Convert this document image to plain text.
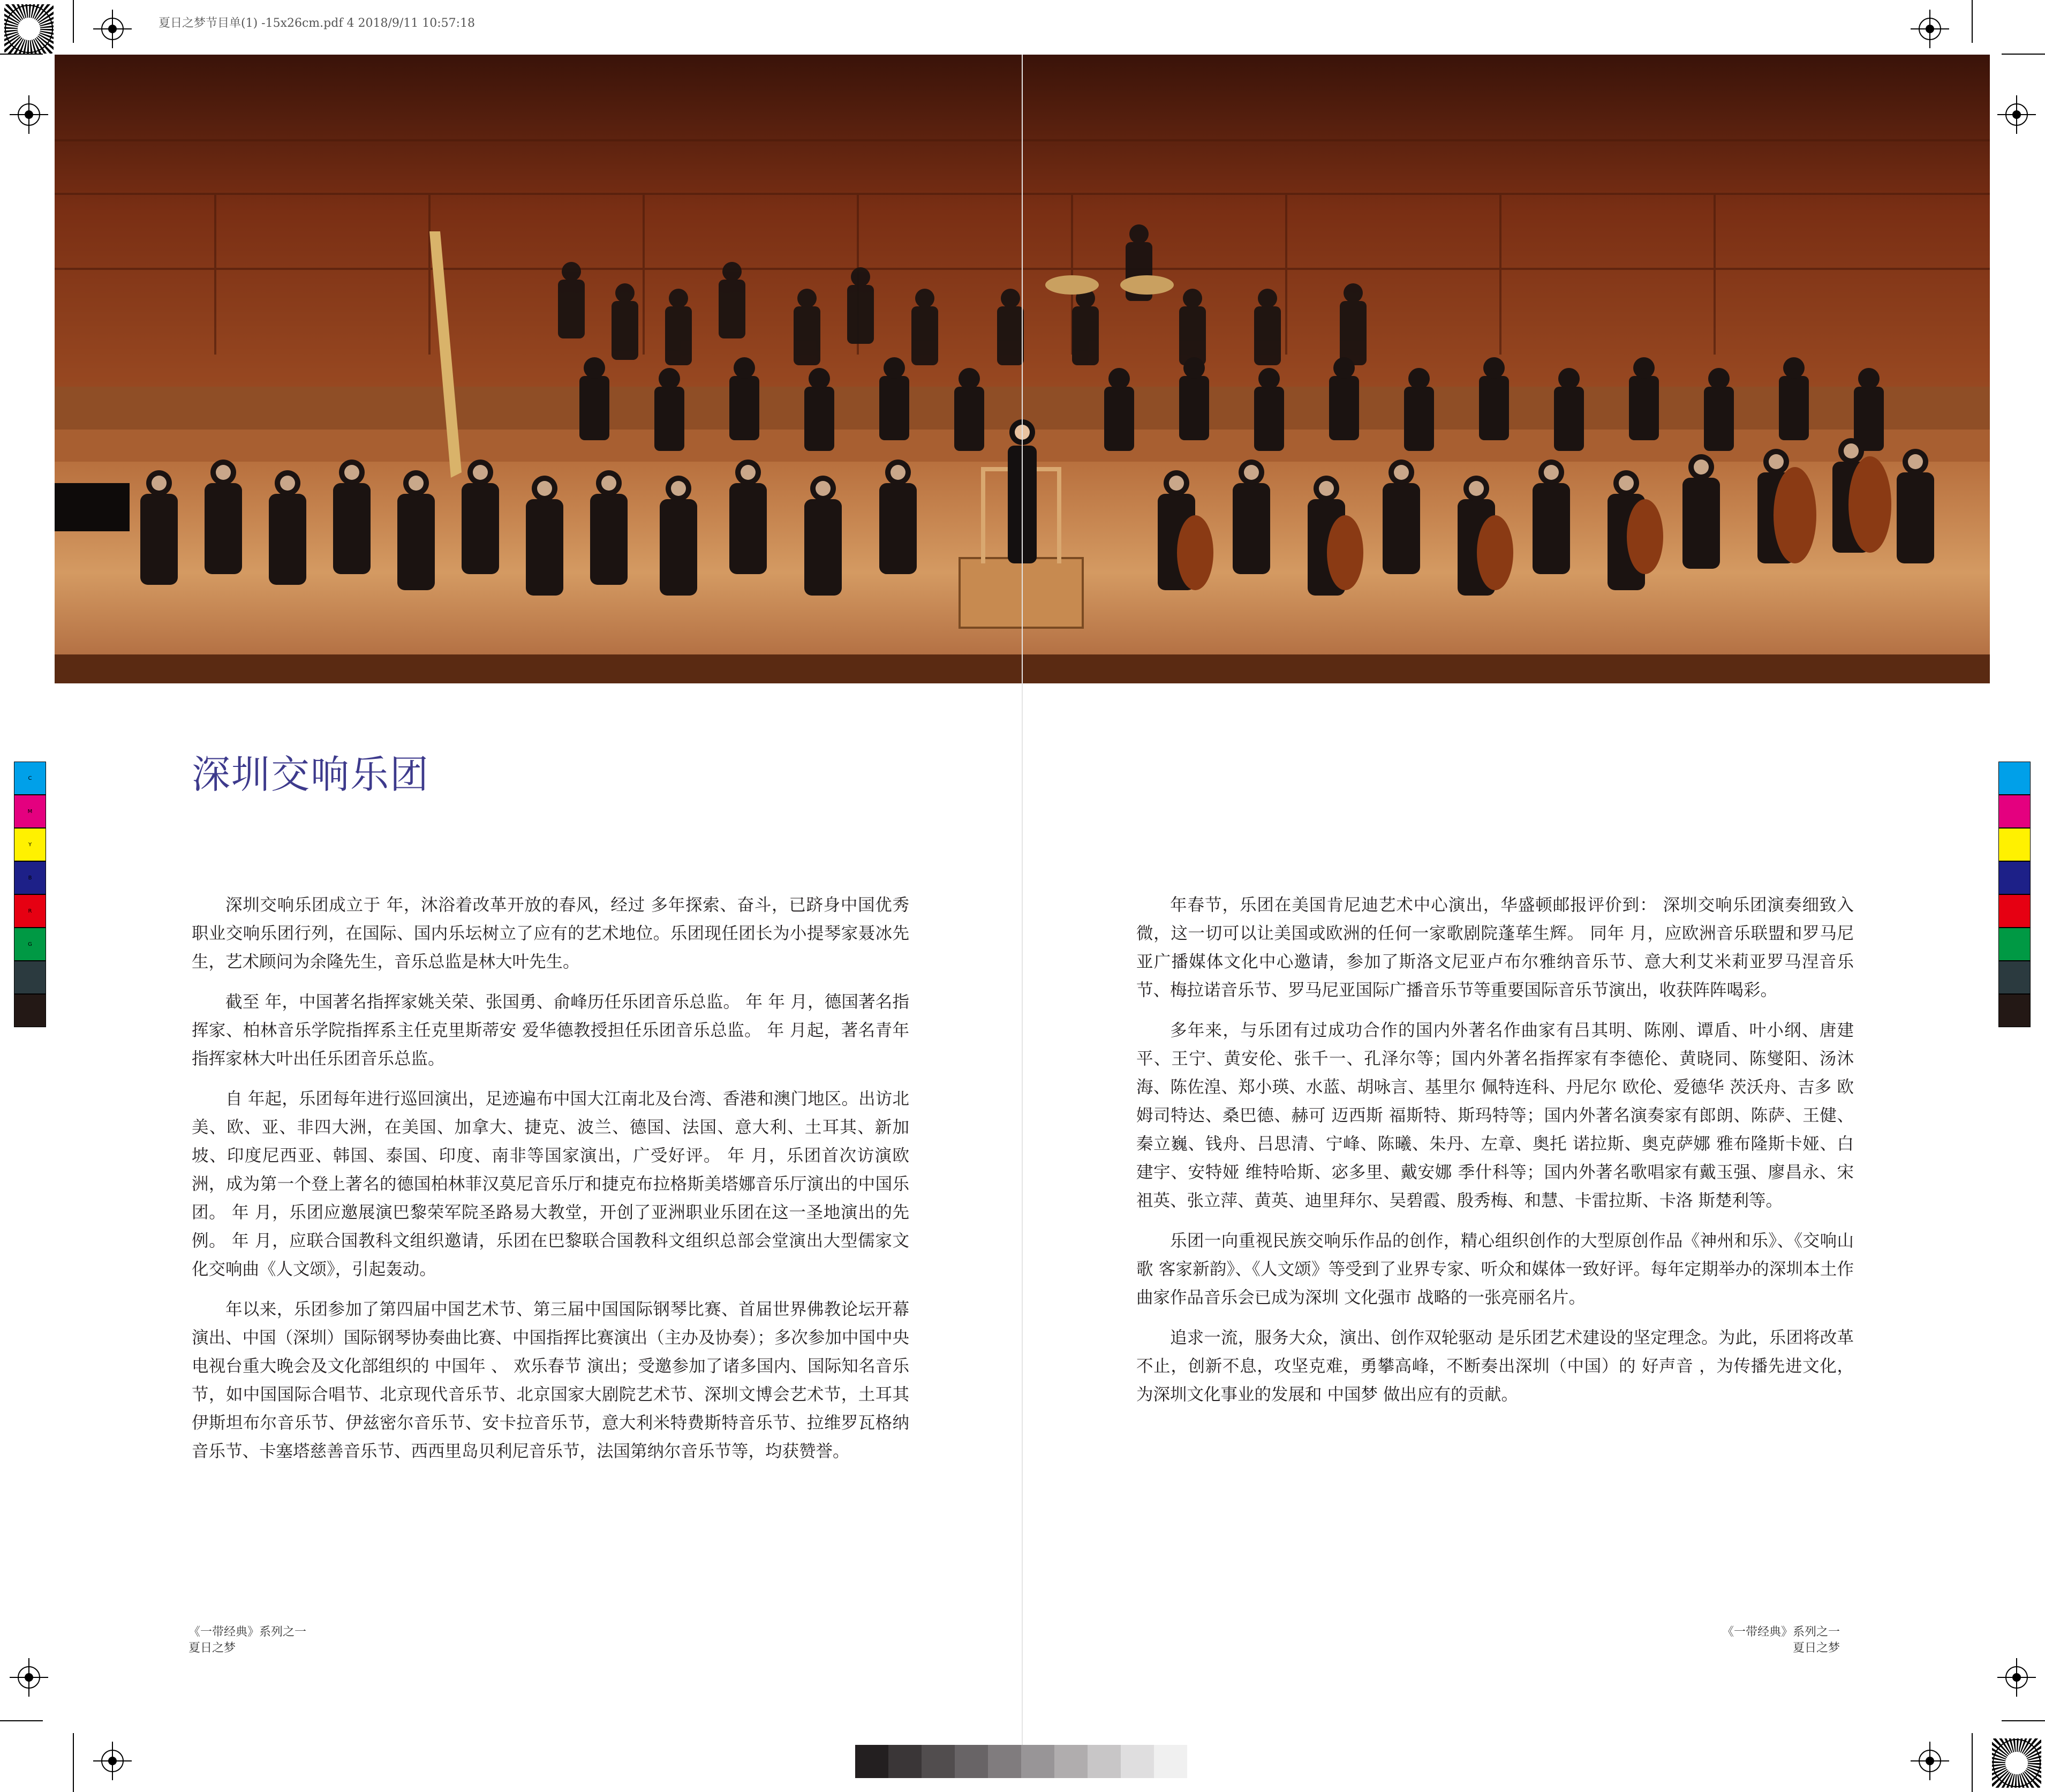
夏日之梦节目单(1) -15x26cm.pdf 4 2018/9/11 10:57:18
深圳交响乐团

深圳交响乐团成立于 年，沐浴着改革开放的春风，经过 多年探索、奋斗，已跻身中国优秀职业交响乐团行列，在国际、国内乐坛树立了应有的艺术地位。乐团现任团长为小提琴家聂冰先生，艺术顾问为余隆先生，音乐总监是林大叶先生。

截至 年，中国著名指挥家姚关荣、张国勇、俞峰历任乐团音乐总监。 年 年 月，德国著名指挥家、柏林音乐学院指挥系主任克里斯蒂安 爱华德教授担任乐团音乐总监。 年 月起，著名青年指挥家林大叶出任乐团音乐总监。

自 年起，乐团每年进行巡回演出，足迹遍布中国大江南北及台湾、香港和澳门地区。出访北美、欧、亚、非四大洲，在美国、加拿大、捷克、波兰、德国、法国、意大利、土耳其、新加坡、印度尼西亚、韩国、泰国、印度、南非等国家演出，广受好评。 年 月，乐团首次访演欧洲，成为第一个登上著名的德国柏林菲汉莫尼音乐厅和捷克布拉格斯美塔娜音乐厅演出的中国乐团。 年 月，乐团应邀展演巴黎荣军院圣路易大教堂，开创了亚洲职业乐团在这一圣地演出的先例。 年 月，应联合国教科文组织邀请，乐团在巴黎联合国教科文组织总部会堂演出大型儒家文化交响曲《人文颂》，引起轰动。

年以来，乐团参加了第四届中国艺术节、第三届中国国际钢琴比赛、首届世界佛教论坛开幕演出、中国（深圳）国际钢琴协奏曲比赛、中国指挥比赛演出（主办及协奏）；多次参加中国中央电视台重大晚会及文化部组织的 中国年 、 欢乐春节 演出；受邀参加了诸多国内、国际知名音乐节，如中国国际合唱节、北京现代音乐节、北京国家大剧院艺术节、深圳文博会艺术节，土耳其伊斯坦布尔音乐节、伊兹密尔音乐节、安卡拉音乐节，意大利米特费斯特音乐节、拉维罗瓦格纳音乐节、卡塞塔慈善音乐节、西西里岛贝利尼音乐节，法国第纳尔音乐节等，均获赞誉。

年春节，乐团在美国肯尼迪艺术中心演出，华盛顿邮报评价到： 深圳交响乐团演奏细致入微，这一切可以让美国或欧洲的任何一家歌剧院蓬荜生辉。 同年 月，应欧洲音乐联盟和罗马尼亚广播媒体文化中心邀请，参加了斯洛文尼亚卢布尔雅纳音乐节、意大利艾米莉亚罗马涅音乐节、梅拉诺音乐节、罗马尼亚国际广播音乐节等重要国际音乐节演出，收获阵阵喝彩。

多年来，与乐团有过成功合作的国内外著名作曲家有吕其明、陈刚、谭盾、叶小纲、唐建平、王宁、黄安伦、张千一、孔泽尔等；国内外著名指挥家有李德伦、黄晓同、陈燮阳、汤沐海、陈佐湟、郑小瑛、水蓝、胡咏言、基里尔 佩特连科、丹尼尔 欧伦、爱德华 茨沃舟、吉多 欧姆司特达、桑巴德、赫可 迈西斯 福斯特、斯玛特等；国内外著名演奏家有郎朗、陈萨、王健、秦立巍、钱舟、吕思清、宁峰、陈曦、朱丹、左章、奥托 诺拉斯、奥克萨娜 雅布隆斯卡娅、白建宇、安特娅 维特哈斯、宓多里、戴安娜 季什科等；国内外著名歌唱家有戴玉强、廖昌永、宋祖英、张立萍、黄英、迪里拜尔、吴碧霞、殷秀梅、和慧、卡雷拉斯、卡洛 斯楚利等。

乐团一向重视民族交响乐作品的创作，精心组织创作的大型原创作品《神州和乐》、《交响山歌 客家新韵》、《人文颂》等受到了业界专家、听众和媒体一致好评。每年定期举办的深圳本土作曲家作品音乐会已成为深圳 文化强市 战略的一张亮丽名片。

追求一流，服务大众，演出、创作双轮驱动 是乐团艺术建设的坚定理念。为此，乐团将改革不止，创新不息，攻坚克难，勇攀高峰，不断奏出深圳（中国）的 好声音 ，为传播先进文化，为深圳文化事业的发展和 中国梦 做出应有的贡献。

《一带经典》系列之一
夏日之梦
《一带经典》系列之一
夏日之梦
C
M
Y
B
R
G
